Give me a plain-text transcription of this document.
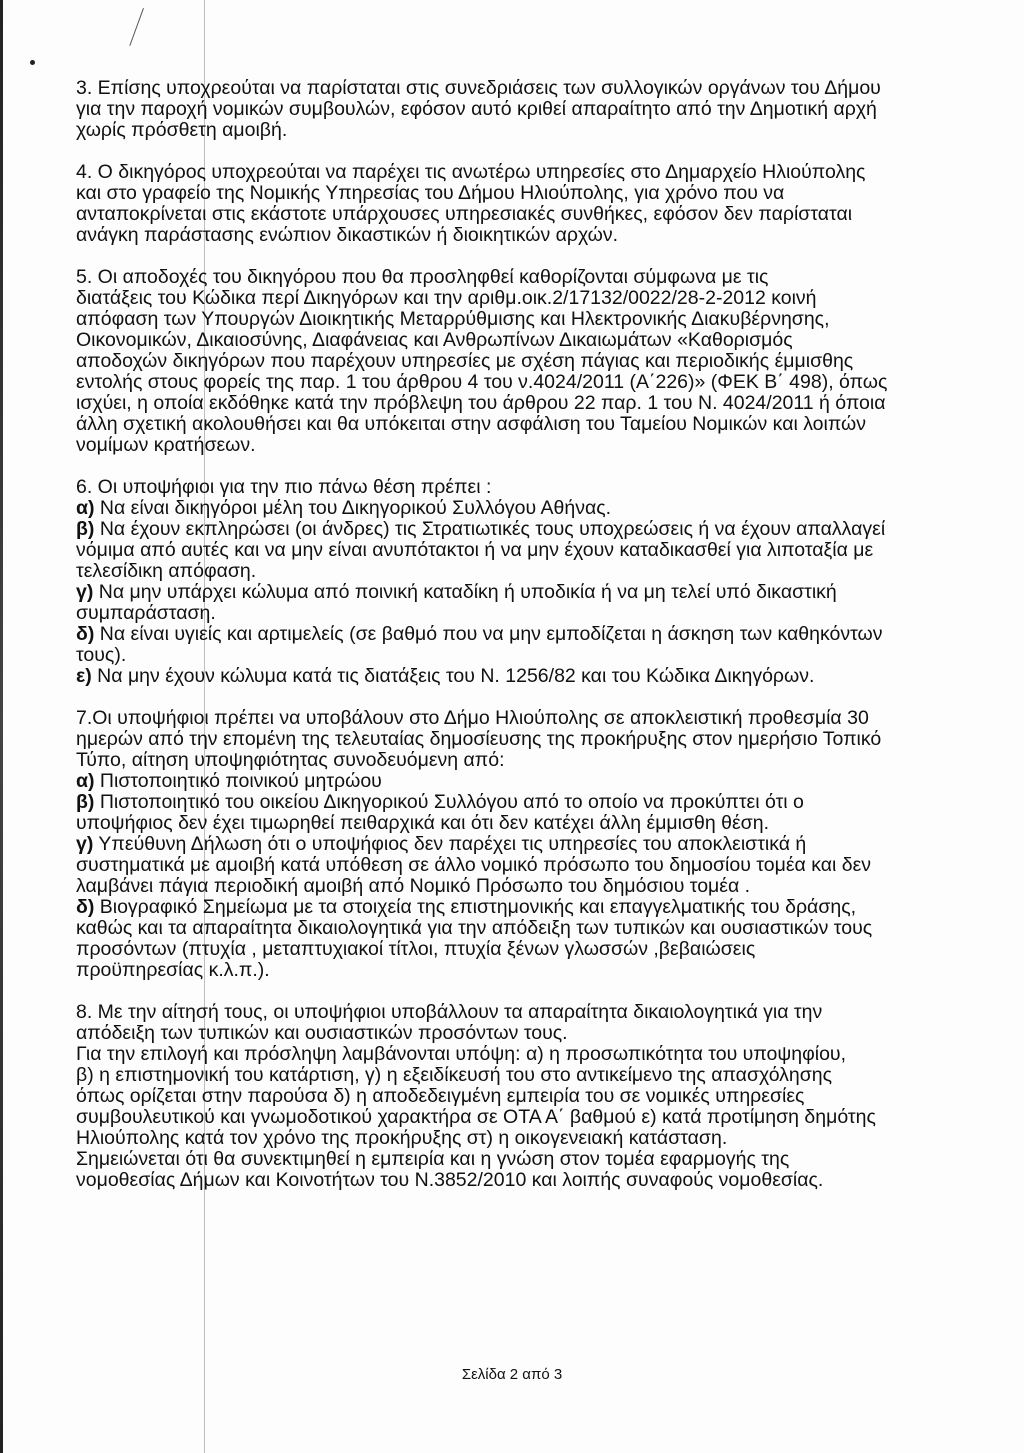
3. Επίσης υποχρεούται να παρίσταται στις συνεδριάσεις των συλλογικών οργάνων του Δήμου
για την παροχή νομικών συμβουλών, εφόσον αυτό κριθεί απαραίτητο από την Δημοτική αρχή
χωρίς πρόσθετη αμοιβή.

4. Ο δικηγόρος υποχρεούται να παρέχει τις ανωτέρω υπηρεσίες στο Δημαρχείο Ηλιούπολης
και στο γραφείο της Νομικής Υπηρεσίας του Δήμου Ηλιούπολης, για χρόνο που να
ανταποκρίνεται στις εκάστοτε υπάρχουσες υπηρεσιακές συνθήκες, εφόσον δεν παρίσταται
ανάγκη παράστασης ενώπιον δικαστικών ή διοικητικών αρχών.

5. Οι αποδοχές του δικηγόρου που θα προσληφθεί καθορίζονται σύμφωνα με τις
διατάξεις του Κώδικα περί Δικηγόρων και την αριθμ.οικ.2/17132/0022/28-2-2012 κοινή
απόφαση των Υπουργών Διοικητικής Μεταρρύθμισης και Ηλεκτρονικής Διακυβέρνησης,
Οικονομικών, Δικαιοσύνης, Διαφάνειας και Ανθρωπίνων Δικαιωμάτων «Καθορισμός
αποδοχών δικηγόρων που παρέχουν υπηρεσίες με σχέση πάγιας και περιοδικής έμμισθης
εντολής στους φορείς της παρ. 1 του άρθρου 4 του ν.4024/2011 (Α΄226)» (ΦΕΚ Β΄ 498), όπως
ισχύει, η οποία εκδόθηκε κατά την πρόβλεψη του άρθρου 22 παρ. 1 του Ν. 4024/2011 ή όποια
άλλη σχετική ακολουθήσει και θα υπόκειται στην ασφάλιση του Ταμείου Νομικών και λοιπών
νομίμων κρατήσεων.

6. Οι υποψήφιοι για την πιο πάνω θέση πρέπει :
α) Να είναι δικηγόροι μέλη του Δικηγορικού Συλλόγου Αθήνας.
β) Να έχουν εκπληρώσει (οι άνδρες) τις Στρατιωτικές τους υποχρεώσεις ή να έχουν απαλλαγεί
νόμιμα από αυτές και να μην είναι ανυπότακτοι ή να μην έχουν καταδικασθεί για λιποταξία με
τελεσίδικη απόφαση.
γ) Να μην υπάρχει κώλυμα από ποινική καταδίκη ή υποδικία ή να μη τελεί υπό δικαστική
συμπαράσταση.
δ) Να είναι υγιείς και αρτιμελείς (σε βαθμό που να μην εμποδίζεται η άσκηση των καθηκόντων
τους).
ε) Να μην έχουν κώλυμα κατά τις διατάξεις του Ν. 1256/82 και του Κώδικα Δικηγόρων.

7.Οι υποψήφιοι πρέπει να υποβάλουν στο Δήμο Ηλιούπολης σε αποκλειστική προθεσμία 30
ημερών από την επομένη της τελευταίας δημοσίευσης της προκήρυξης στον ημερήσιο Τοπικό
Τύπο, αίτηση υποψηφιότητας συνοδευόμενη από:
α) Πιστοποιητικό ποινικού μητρώου
β) Πιστοποιητικό του οικείου Δικηγορικού Συλλόγου από το οποίο να προκύπτει ότι ο
υποψήφιος δεν έχει τιμωρηθεί πειθαρχικά και ότι δεν κατέχει άλλη έμμισθη θέση.
γ) Υπεύθυνη Δήλωση ότι ο υποψήφιος δεν παρέχει τις υπηρεσίες του αποκλειστικά ή
συστηματικά με αμοιβή κατά υπόθεση σε άλλο νομικό πρόσωπο του δημοσίου τομέα και δεν
λαμβάνει πάγια περιοδική αμοιβή από Νομικό Πρόσωπο του δημόσιου τομέα .
δ) Βιογραφικό Σημείωμα με τα στοιχεία της επιστημονικής και επαγγελματικής του δράσης,
καθώς και τα απαραίτητα δικαιολογητικά για την απόδειξη των τυπικών και ουσιαστικών τους
προσόντων (πτυχία , μεταπτυχιακοί τίτλοι, πτυχία ξένων γλωσσών ,βεβαιώσεις
προϋπηρεσίας κ.λ.π.).

8. Με την αίτησή τους, οι υποψήφιοι υποβάλλουν τα απαραίτητα δικαιολογητικά για την
απόδειξη των τυπικών και ουσιαστικών προσόντων τους.
Για την επιλογή και πρόσληψη λαμβάνονται υπόψη: α) η προσωπικότητα του υποψηφίου,
β) η επιστημονική του κατάρτιση, γ) η εξειδίκευσή του στο αντικείμενο της απασχόλησης
όπως ορίζεται στην παρούσα δ) η αποδεδειγμένη εμπειρία του σε νομικές υπηρεσίες
συμβουλευτικού και γνωμοδοτικού χαρακτήρα σε ΟΤΑ Α΄ βαθμού ε) κατά προτίμηση δημότης
Ηλιούπολης κατά τον χρόνο της προκήρυξης στ) η οικογενειακή κατάσταση.
Σημειώνεται ότι θα συνεκτιμηθεί η εμπειρία και η γνώση στον τομέα εφαρμογής της
νομοθεσίας Δήμων και Κοινοτήτων του Ν.3852/2010 και λοιπής συναφούς νομοθεσίας.

Σελίδα 2 από 3
